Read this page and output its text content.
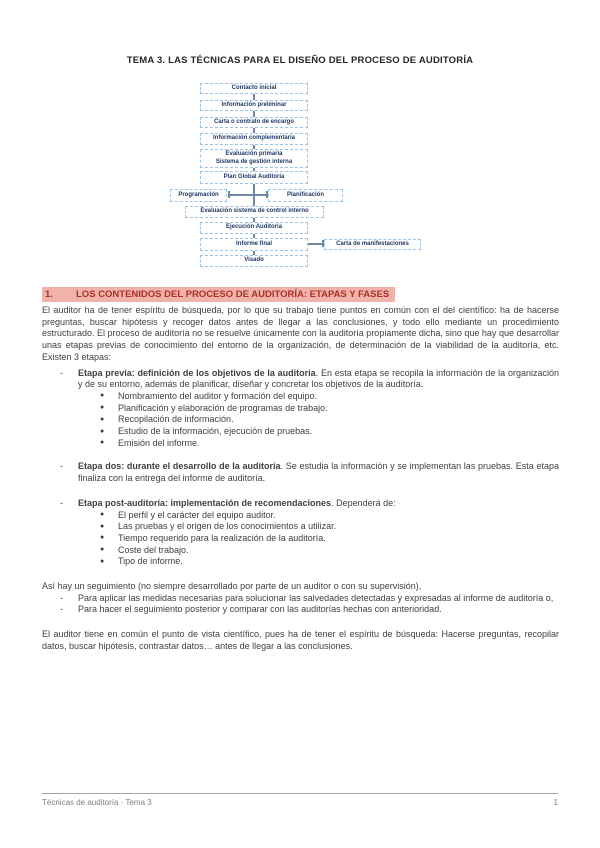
TEMA 3. LAS TÉCNICAS PARA EL DISEÑO DEL PROCESO DE AUDITORÍA
Contacto inicial
Información preliminar
Carta o contrato de encargo
Información complementaria
Evaluación primaria
Sistema de gestión interna
Plan Global Auditoría
Programación	Planificación
Evaluación sistema de control interno
Ejecución Auditoría
Informe final	Carta de manifestaciones
Visado
1. LOS CONTENIDOS DEL PROCESO DE AUDITORÍA: ETAPAS Y FASES

El auditor ha de tener espíritu de búsqueda, por lo que su trabajo tiene puntos en común con el del científico: ha de hacerse preguntas, buscar hipótesis y recoger datos antes de llegar a las conclusiones, y todo ello mediante un procedimiento estructurado. El proceso de auditoría no se resuelve únicamente con la auditoría propiamente dicha, sino que hay que desarrollar unas etapas previas de conocimiento del entorno de la organización, de determinación de la viabilidad de la auditoría, etc. Existen 3 etapas:

- Etapa previa: definición de los objetivos de la auditoría. En esta etapa se recopila la información de la organización y de su entorno, además de planificar, diseñar y concretar los objetivos de la auditoría.
● Nombramiento del auditor y formación del equipo.
● Planificación y elaboración de programas de trabajo.
● Recopilación de información.
● Estudio de la información, ejecución de pruebas.
● Emisión del informe.
- Etapa dos: durante el desarrollo de la auditoría. Se estudia la información y se implementan las pruebas. Esta etapa finaliza con la entrega del informe de auditoría.
- Etapa post-auditoría: implementación de recomendaciones. Dependerá de:
● El perfil y el carácter del equipo auditor.
● Las pruebas y el origen de los conocimientos a utilizar.
● Tiempo requerido para la realización de la auditoría.
● Coste del trabajo.
● Tipo de informe.

Así hay un seguimiento (no siempre desarrollado por parte de un auditor o con su supervisión),

- Para aplicar las medidas necesarias para solucionar las salvedades detectadas y expresadas al informe de auditoría o,
- Para hacer el seguimiento posterior y comparar con las auditorías hechas con anterioridad.

El auditor tiene en común el punto de vista científico, pues ha de tener el espíritu de búsqueda: Hacerse preguntas, recopilar datos, buscar hipótesis, contrastar datos… antes de llegar a las conclusiones.

Técnicas de auditoría · Tema 3	1
